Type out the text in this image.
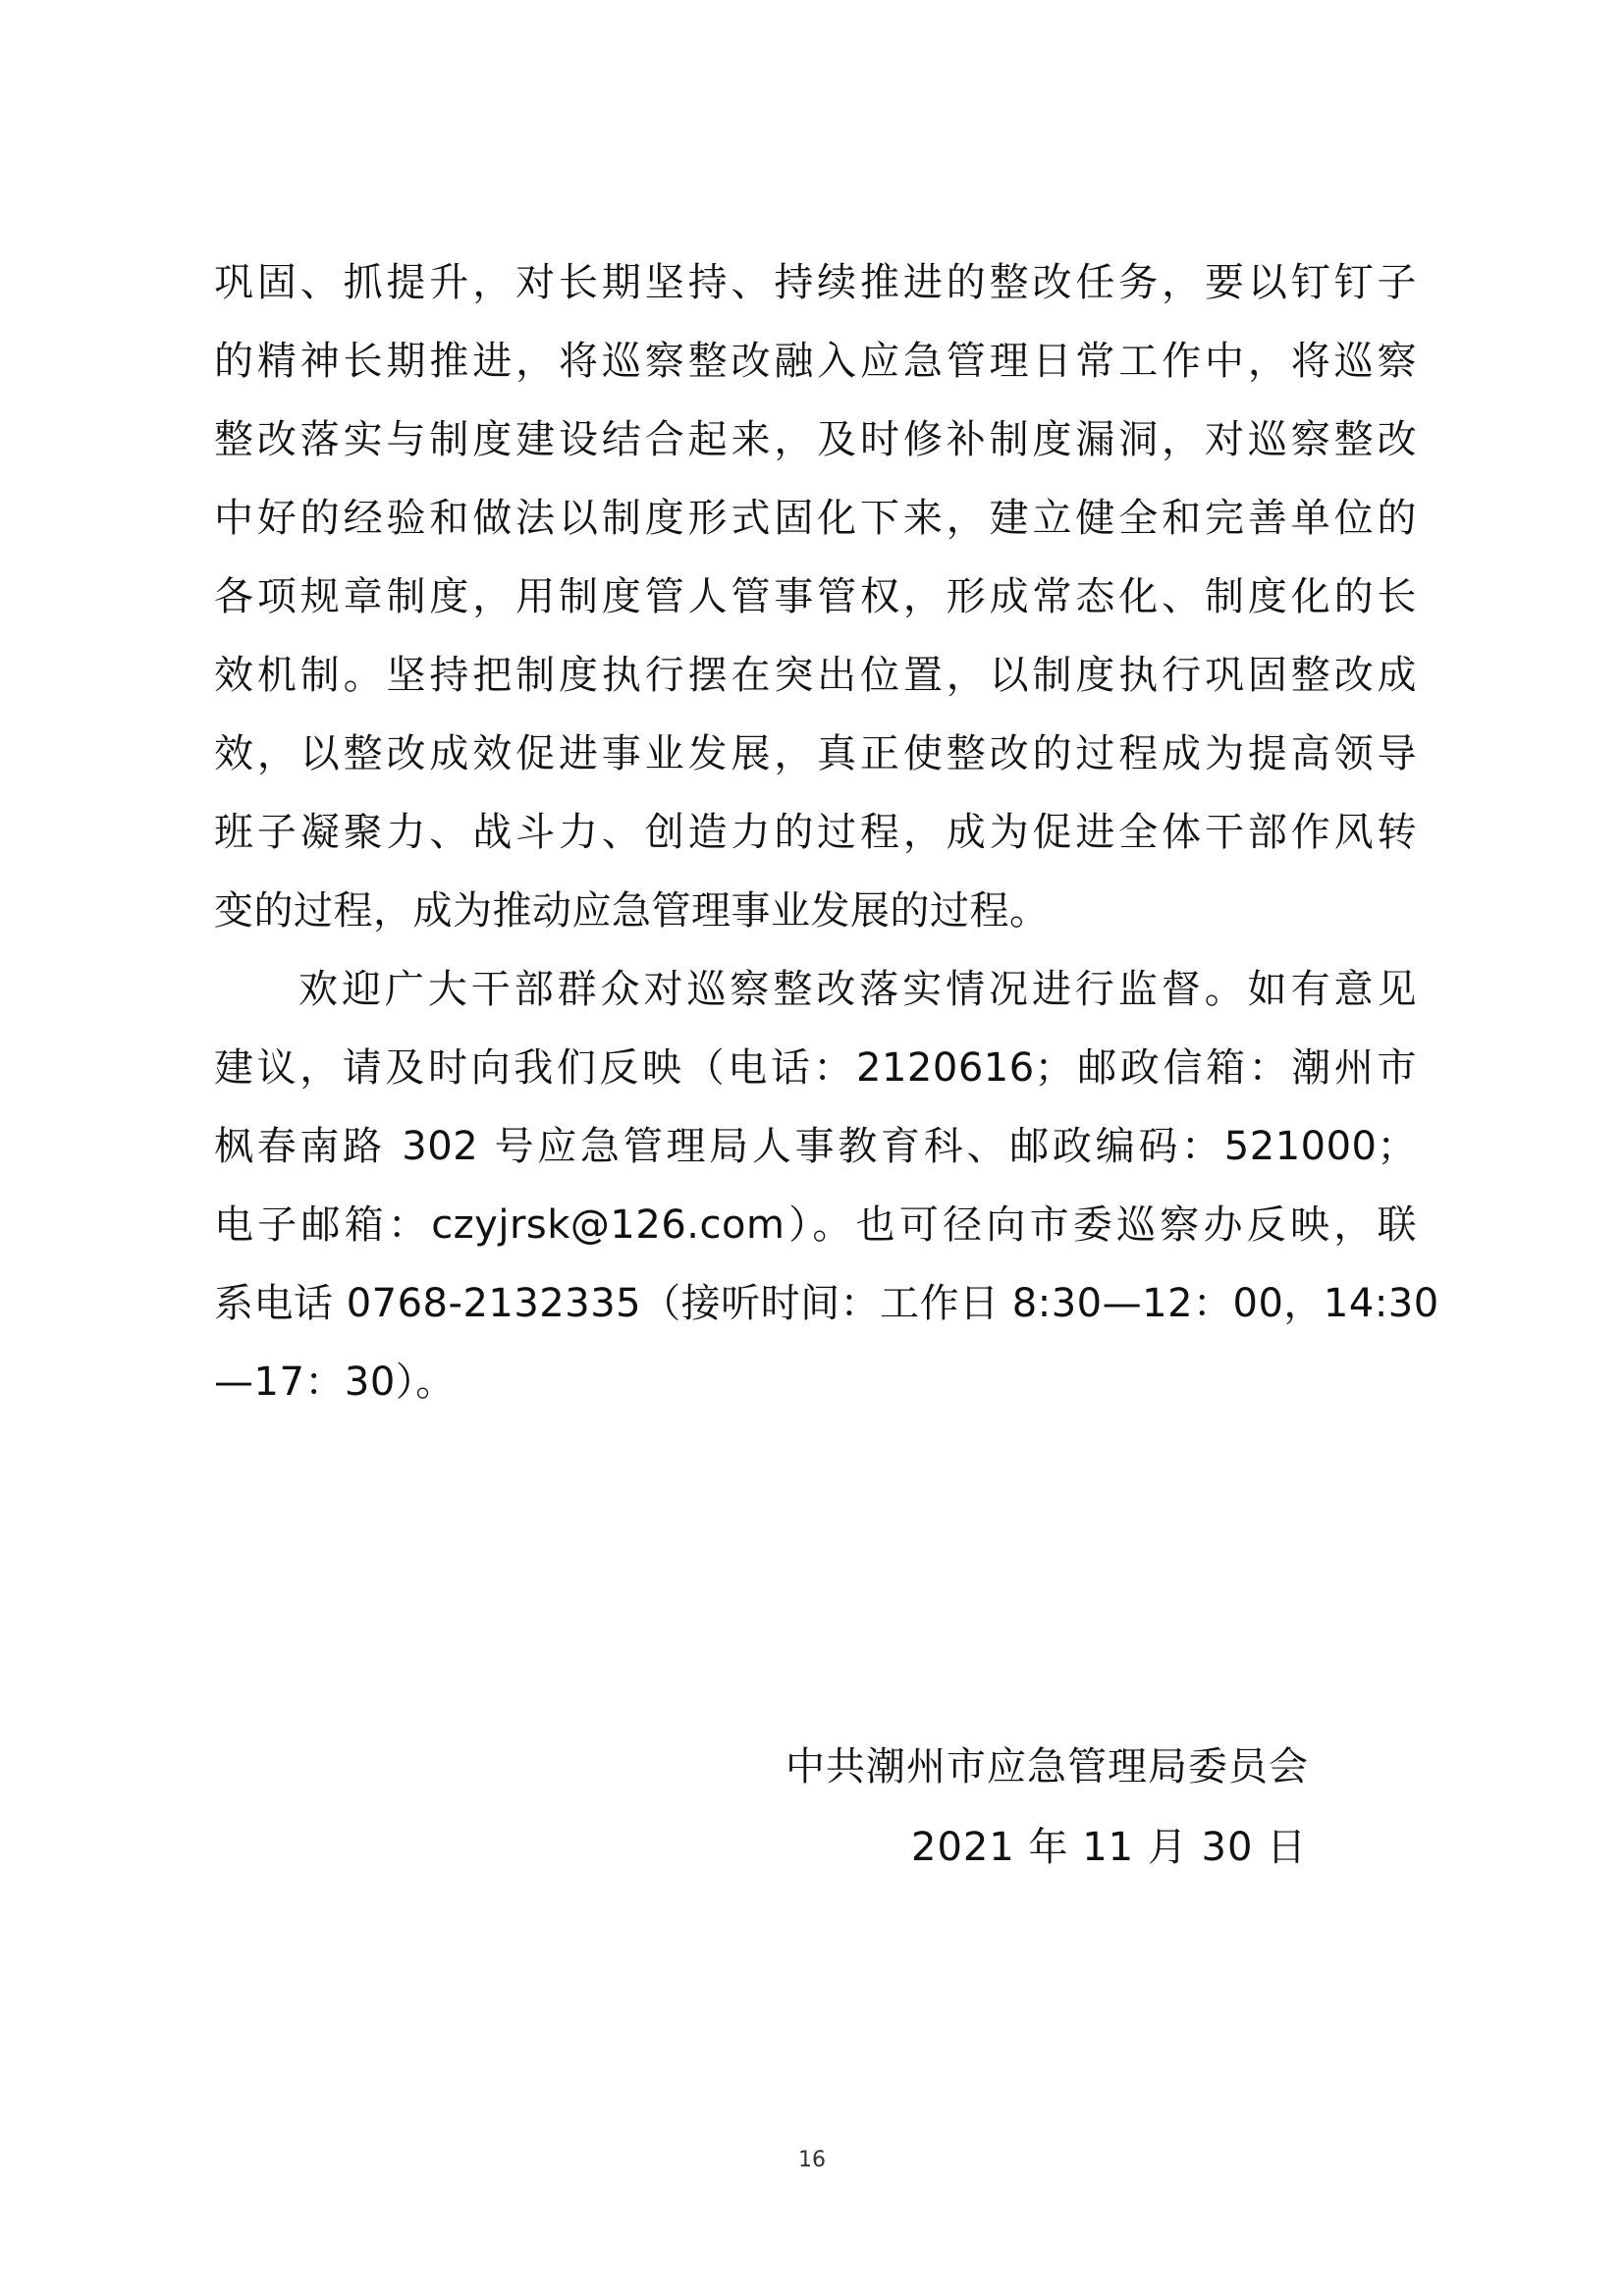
巩固、抓提升，对长期坚持、持续推进的整改任务，要以钉钉子
的精神长期推进，将巡察整改融入应急管理日常工作中，将巡察
整改落实与制度建设结合起来，及时修补制度漏洞，对巡察整改
中好的经验和做法以制度形式固化下来，建立健全和完善单位的
各项规章制度，用制度管人管事管权，形成常态化、制度化的长
效机制。坚持把制度执行摆在突出位置，以制度执行巩固整改成
效，以整改成效促进事业发展，真正使整改的过程成为提高领导
班子凝聚力、战斗力、创造力的过程，成为促进全体干部作风转
变的过程，成为推动应急管理事业发展的过程。
欢迎广大干部群众对巡察整改落实情况进行监督。如有意见
建议，请及时向我们反映（电话：2120616；邮政信箱：潮州市
枫春南路 302 号应急管理局人事教育科、邮政编码：521000；
电子邮箱：czyjrsk@126.com）。也可径向市委巡察办反映，联
系电话 0768-2132335（接听时间：工作日 8:30—12：00，14:30
—17：30）。
中共潮州市应急管理局委员会
2021 年 11 月 30 日
16
